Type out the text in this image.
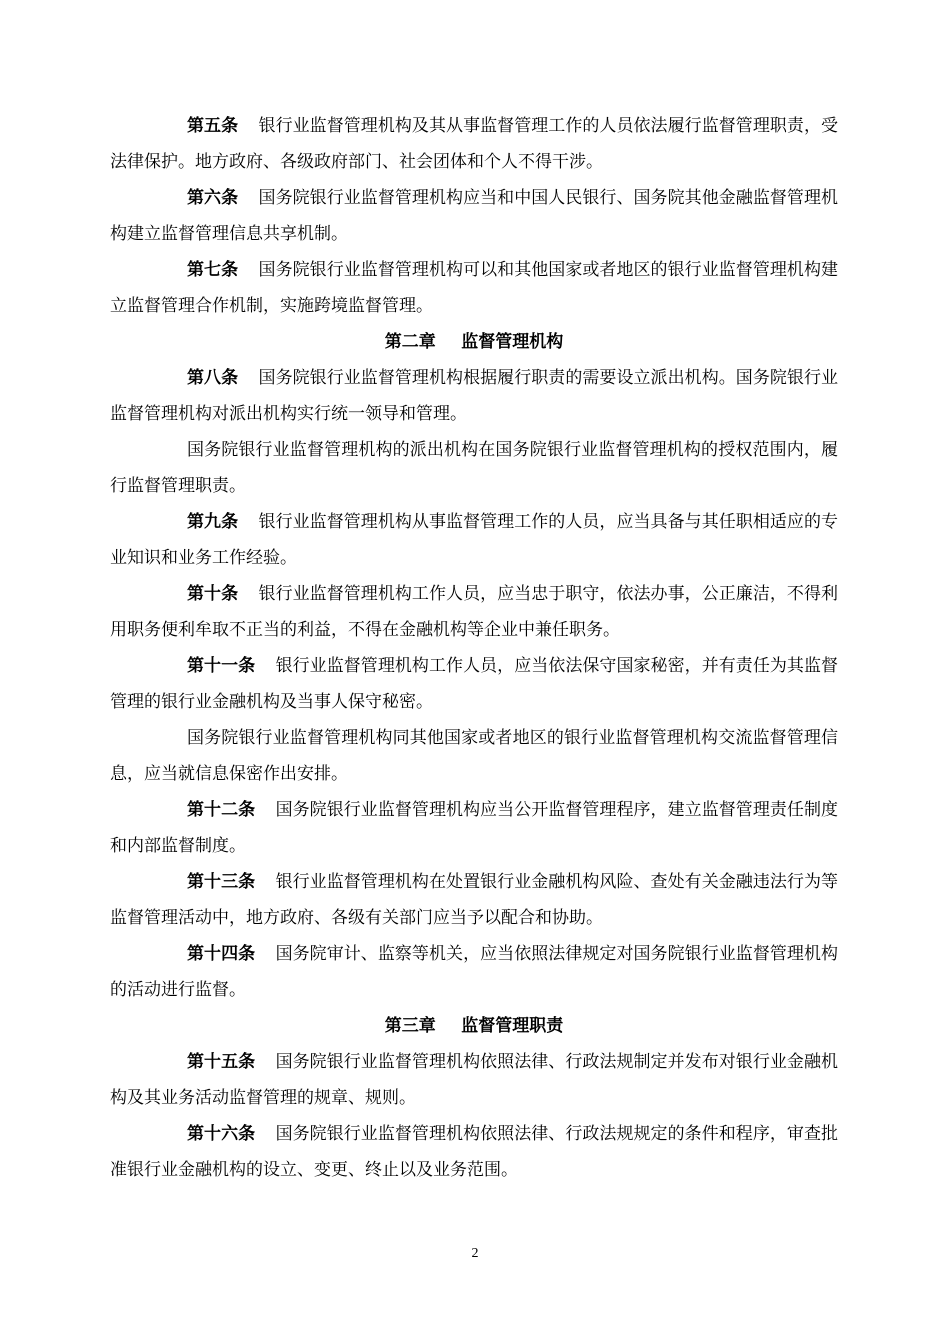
第五条 银行业监督管理机构及其从事监督管理工作的人员依法履行监督管理职责，受法律保护。地方政府、各级政府部门、社会团体和个人不得干涉。

第六条 国务院银行业监督管理机构应当和中国人民银行、国务院其他金融监督管理机构建立监督管理信息共享机制。

第七条 国务院银行业监督管理机构可以和其他国家或者地区的银行业监督管理机构建立监督管理合作机制，实施跨境监督管理。

第二章 监督管理机构

第八条 国务院银行业监督管理机构根据履行职责的需要设立派出机构。国务院银行业监督管理机构对派出机构实行统一领导和管理。

国务院银行业监督管理机构的派出机构在国务院银行业监督管理机构的授权范围内，履行监督管理职责。

第九条 银行业监督管理机构从事监督管理工作的人员，应当具备与其任职相适应的专业知识和业务工作经验。

第十条 银行业监督管理机构工作人员，应当忠于职守，依法办事，公正廉洁，不得利用职务便利牟取不正当的利益，不得在金融机构等企业中兼任职务。

第十一条 银行业监督管理机构工作人员，应当依法保守国家秘密，并有责任为其监督管理的银行业金融机构及当事人保守秘密。

国务院银行业监督管理机构同其他国家或者地区的银行业监督管理机构交流监督管理信息，应当就信息保密作出安排。

第十二条 国务院银行业监督管理机构应当公开监督管理程序，建立监督管理责任制度和内部监督制度。

第十三条 银行业监督管理机构在处置银行业金融机构风险、查处有关金融违法行为等监督管理活动中，地方政府、各级有关部门应当予以配合和协助。

第十四条 国务院审计、监察等机关，应当依照法律规定对国务院银行业监督管理机构的活动进行监督。

第三章 监督管理职责

第十五条 国务院银行业监督管理机构依照法律、行政法规制定并发布对银行业金融机构及其业务活动监督管理的规章、规则。

第十六条 国务院银行业监督管理机构依照法律、行政法规规定的条件和程序，审查批准银行业金融机构的设立、变更、终止以及业务范围。

2
